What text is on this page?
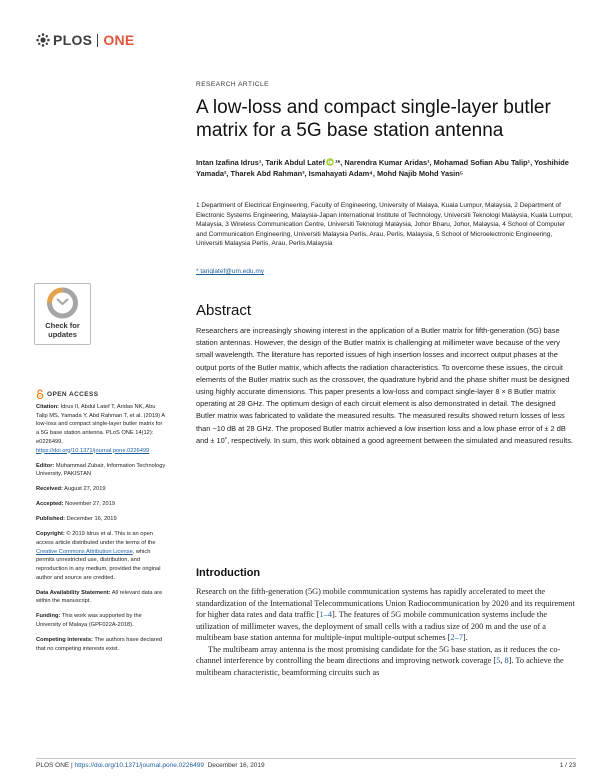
PLOS ONE
RESEARCH ARTICLE
A low-loss and compact single-layer butler matrix for a 5G base station antenna
Intan Izafina Idrus¹, Tarik Abdul Latef ¹*, Narendra Kumar Aridas¹, Mohamad Sofian Abu Talip¹, Yoshihide Yamada², Tharek Abd Rahman³, Ismahayati Adam⁴, Mohd Najib Mohd Yasin⁵
1 Department of Electrical Engineering, Faculty of Engineering, University of Malaya, Kuala Lumpur, Malaysia, 2 Department of Electronic Systems Engineering, Malaysia-Japan International Institute of Technology, Universiti Teknologi Malaysia, Kuala Lumpur, Malaysia, 3 Wireless Communication Centre, Universiti Teknologi Malaysia, Johor Bharu, Johor, Malaysia, 4 School of Computer and Communication Engineering, Universiti Malaysia Perlis, Arau, Perlis, Malaysia, 5 School of Microelectronic Engineering, Universiti Malaysia Perlis, Arau, Perlis,Malaysia
* tariqlatef@um.edu.my
Check for
updates
Abstract
Researchers are increasingly showing interest in the application of a Butler matrix for fifth-generation (5G) base station antennas. However, the design of the Butler matrix is challenging at millimeter wave because of the very small wavelength. The literature has reported issues of high insertion losses and incorrect output phases at the output ports of the Butler matrix, which affects the radiation characteristics. To overcome these issues, the circuit elements of the Butler matrix such as the crossover, the quadrature hybrid and the phase shifter must be designed using highly accurate dimensions. This paper presents a low-loss and compact single-layer 8 × 8 Butler matrix operating at 28 GHz. The optimum design of each circuit element is also demonstrated in detail. The designed Butler matrix was fabricated to validate the measured results. The measured results showed return losses of less than −10 dB at 28 GHz. The proposed Butler matrix achieved a low insertion loss and a low phase error of ± 2 dB and ± 10˚, respectively. In sum, this work obtained a good agreement between the simulated and measured results.
OPEN ACCESS

Citation: Idrus II, Abdul Latef T, Aridas NK, Abu Talip MS, Yamada Y, Abd Rahman T, et al. (2019) A low-loss and compact single-layer butler matrix for a 5G base station antenna. PLoS ONE 14(12): e0226499. https://doi.org/10.1371/journal.pone.0226499

Editor: Muhammad Zubair, Information Technology University, PAKISTAN

Received: August 27, 2019

Accepted: November 27, 2019

Published: December 16, 2019

Copyright: © 2019 Idrus et al. This is an open access article distributed under the terms of the Creative Commons Attribution License, which permits unrestricted use, distribution, and reproduction in any medium, provided the original author and source are credited.

Data Availability Statement: All relevant data are within the manuscript.

Funding: This work was supported by the University of Malaya (GPF022A-2018).

Competing interests: The authors have declared that no competing interests exist.

Introduction

Research on the fifth-generation (5G) mobile communication systems has rapidly accelerated to meet the standardization of the International Telecommunications Union Radiocommunication by 2020 and its requirement for higher data rates and data traffic [1–4]. The features of 5G mobile communication systems include the utilization of millimeter waves, the deployment of small cells with a radius size of 200 m and the use of a multibeam base station antenna for multiple-input multiple-output schemes [2–7].

The multibeam array antenna is the most promising candidate for the 5G base station, as it reduces the co-channel interference by controlling the beam directions and improving network coverage [5, 8]. To achieve the multibeam characteristic, beamforming circuits such as

PLOS ONE |
https://doi.org/10.1371/journal.pone.0226499
December 16, 2019	1 / 23
